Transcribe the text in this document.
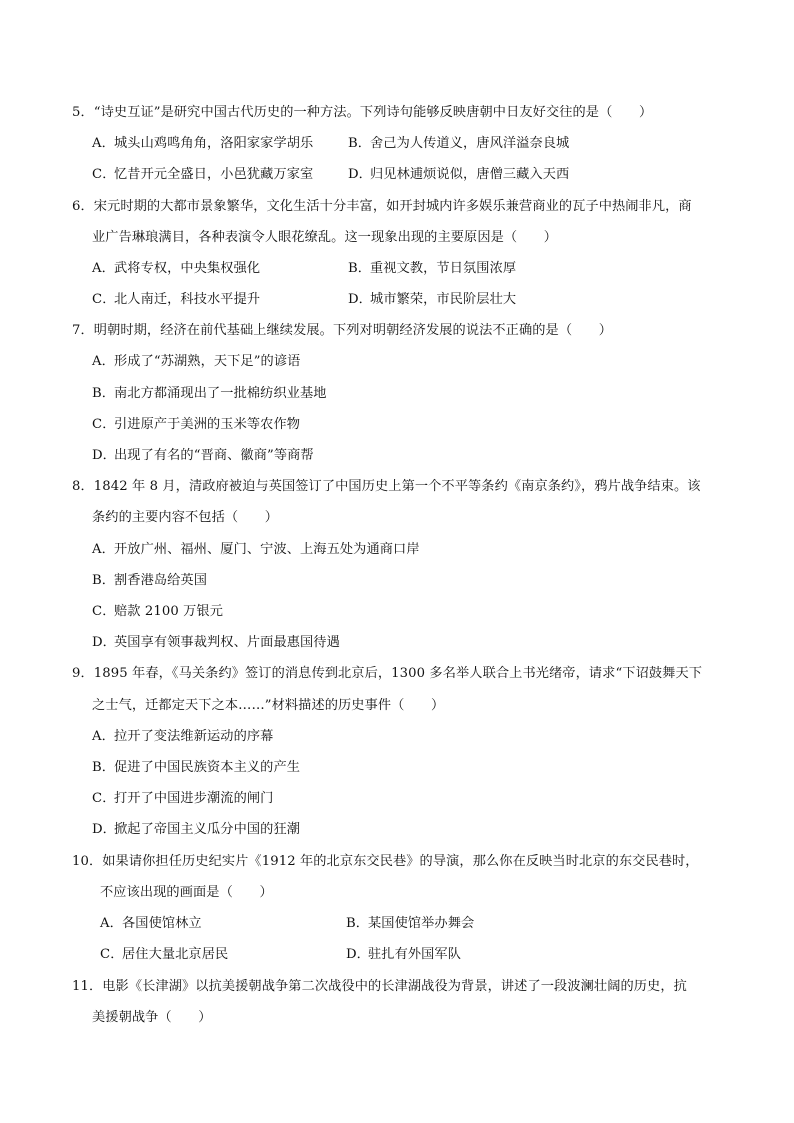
5．“诗史互证”是研究中国古代历史的一种方法。下列诗句能够反映唐朝中日友好交往的是（　　）
A．城头山鸡鸣角角，洛阳家家学胡乐	B．舍己为人传道义，唐风洋溢奈良城
C．忆昔开元全盛日，小邑犹藏万家室	D．归见林逋烦说似，唐僧三藏入天西
6．宋元时期的大都市景象繁华，文化生活十分丰富，如开封城内许多娱乐兼营商业的瓦子中热闹非凡，商
业广告琳琅满目，各种表演令人眼花缭乱。这一现象出现的主要原因是（　　）
A．武将专权，中央集权强化	B．重视文教，节日氛围浓厚
C．北人南迁，科技水平提升	D．城市繁荣，市民阶层壮大
7．明朝时期，经济在前代基础上继续发展。下列对明朝经济发展的说法不正确的是（　　）
A．形成了“苏湖熟，天下足”的谚语
B．南北方都涌现出了一批棉纺织业基地
C．引进原产于美洲的玉米等农作物
D．出现了有名的“晋商、徽商”等商帮
8．1842 年 8 月，清政府被迫与英国签订了中国历史上第一个不平等条约《南京条约》，鸦片战争结束。该
条约的主要内容不包括（　　）
A．开放广州、福州、厦门、宁波、上海五处为通商口岸
B．割香港岛给英国
C．赔款 2100 万银元
D．英国享有领事裁判权、片面最惠国待遇
9．1895 年春，《马关条约》签订的消息传到北京后，1300 多名举人联合上书光绪帝，请求“下诏鼓舞天下
之士气，迁都定天下之本……”材料描述的历史事件（　　）
A．拉开了变法维新运动的序幕
B．促进了中国民族资本主义的产生
C．打开了中国进步潮流的闸门
D．掀起了帝国主义瓜分中国的狂潮
10．如果请你担任历史纪实片《1912 年的北京东交民巷》的导演，那么你在反映当时北京的东交民巷时，
不应该出现的画面是（　　）
A．各国使馆林立	B．某国使馆举办舞会
C．居住大量北京居民	D．驻扎有外国军队
11．电影《长津湖》以抗美援朝战争第二次战役中的长津湖战役为背景，讲述了一段波澜壮阔的历史，抗
美援朝战争（　　）
